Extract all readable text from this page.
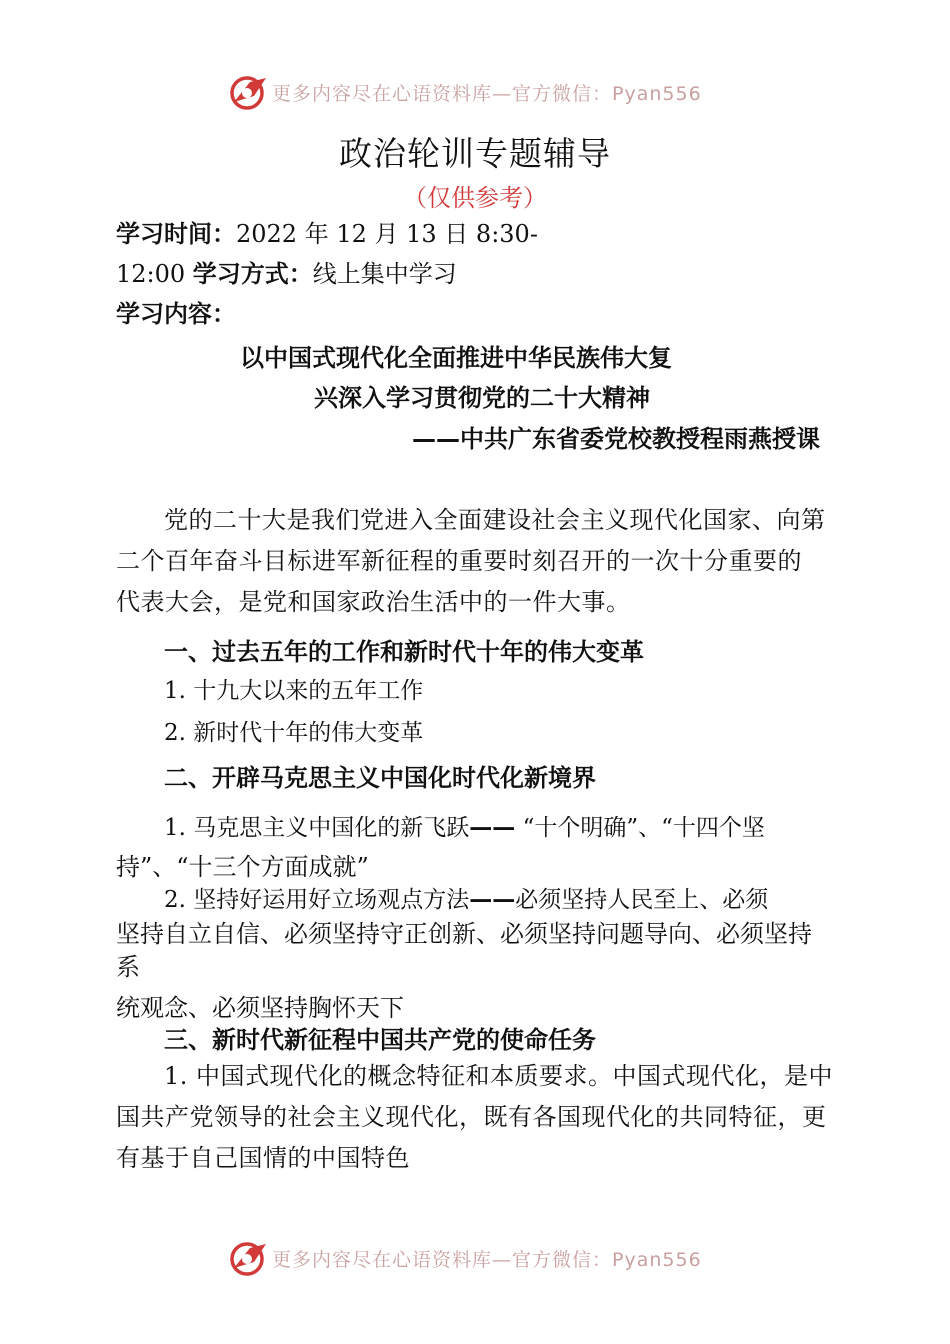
更多内容尽在心语资料库—官方微信：Pyan556
政治轮训专题辅导
（仅供参考）
学习时间：2022 年 12 月 13 日 8:30-
12:00 学习方式：线上集中学习
学习内容：
以中国式现代化全面推进中华民族伟大复
兴深入学习贯彻党的二十大精神
——中共广东省委党校教授程雨燕授课

党的二十大是我们党进入全面建设社会主义现代化国家、向第

二个百年奋斗目标进军新征程的重要时刻召开的一次十分重要的

代表大会，是党和国家政治生活中的一件大事。

一、过去五年的工作和新时代十年的伟大变革
1. 十九大以来的五年工作
2. 新时代十年的伟大变革
二、开辟马克思主义中国化时代化新境界
1. 马克思主义中国化的新飞跃—— “十个明确”、“十四个坚
持”、“十三个方面成就”
2. 坚持好运用好立场观点方法——必须坚持人民至上、必须
坚持自立自信、必须坚持守正创新、必须坚持问题导向、必须坚持
系
统观念、必须坚持胸怀天下
三、新时代新征程中国共产党的使命任务

1. 中国式现代化的概念特征和本质要求。中国式现代化，是中

国共产党领导的社会主义现代化，既有各国现代化的共同特征，更

有基于自己国情的中国特色

更多内容尽在心语资料库—官方微信：Pyan556
